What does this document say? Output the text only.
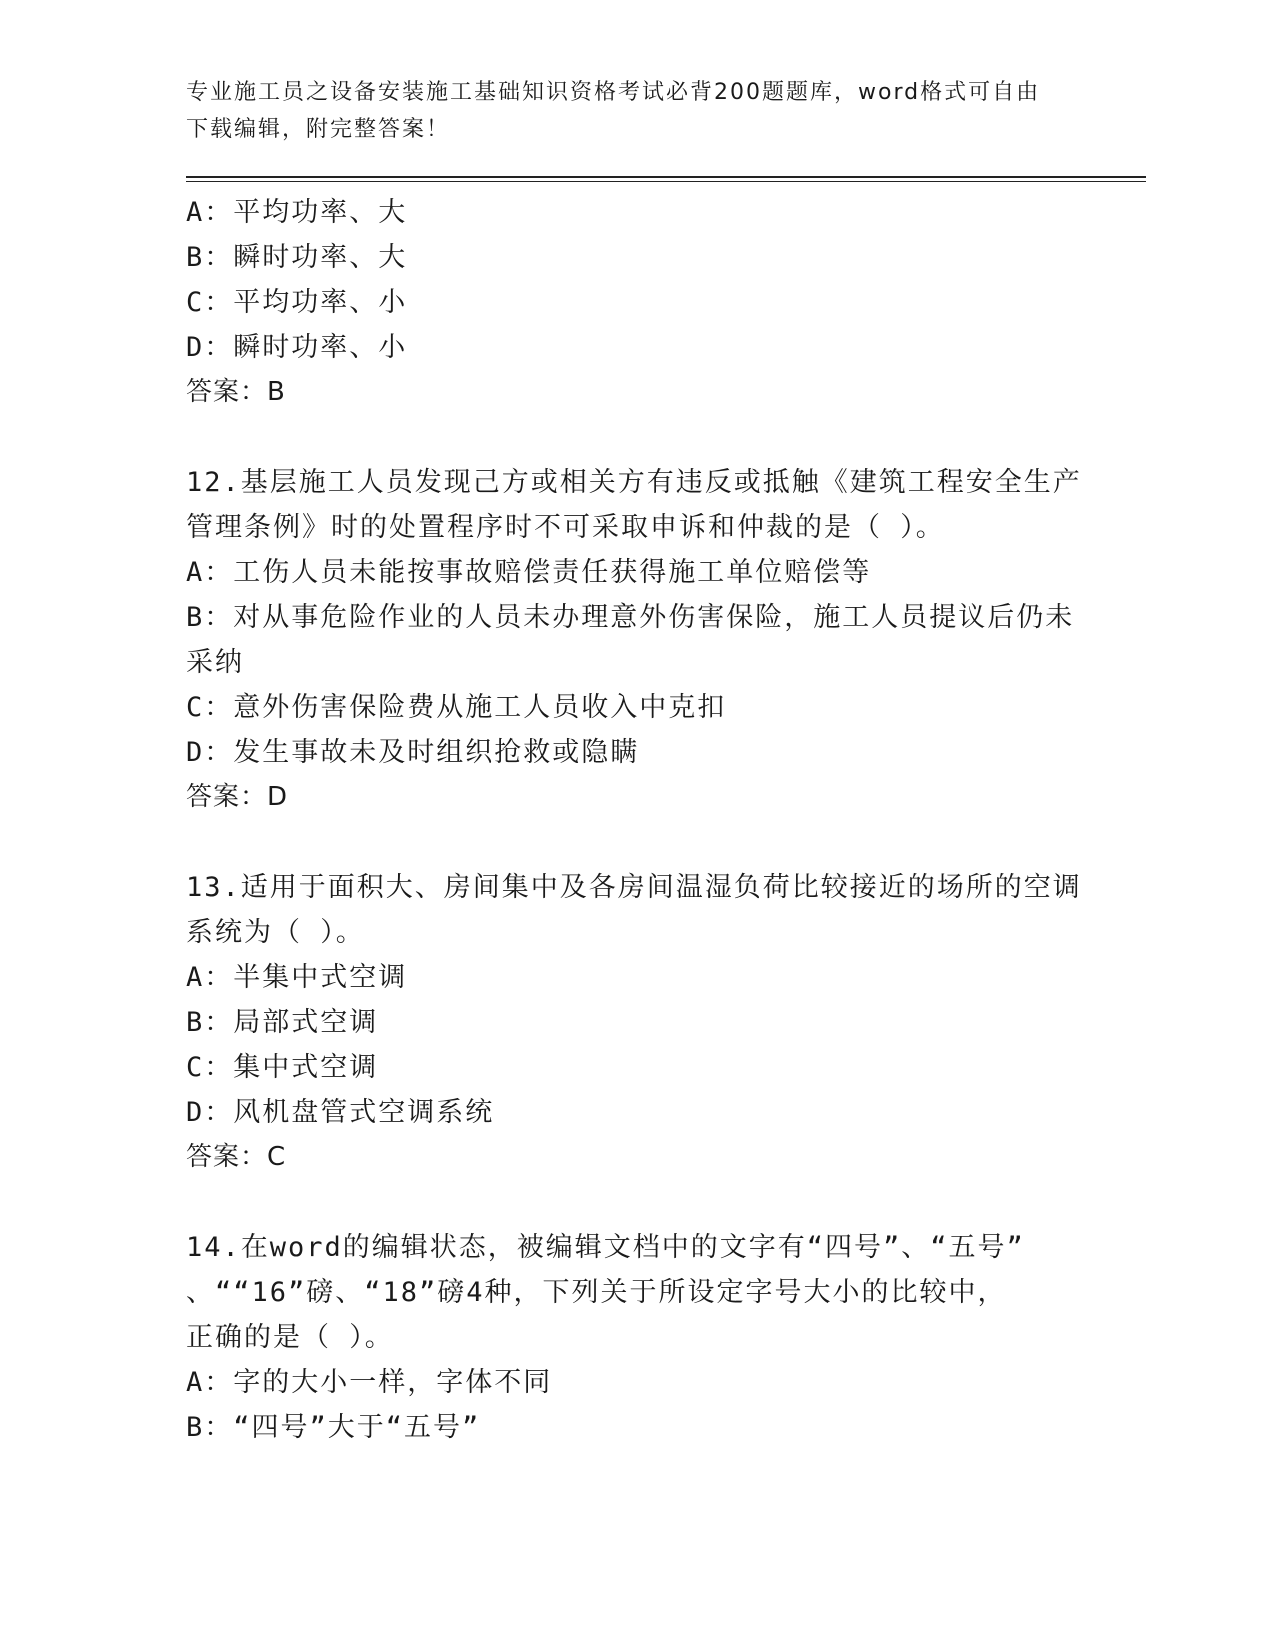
专业施工员之设备安装施工基础知识资格考试必背200题题库，word格式可自由
下载编辑，附完整答案！
A：平均功率、大
B：瞬时功率、大
C：平均功率、小
D：瞬时功率、小
答案：B
12.基层施工人员发现己方或相关方有违反或抵触《建筑工程安全生产
管理条例》时的处置程序时不可采取申诉和仲裁的是（ ）。
A：工伤人员未能按事故赔偿责任获得施工单位赔偿等
B：对从事危险作业的人员未办理意外伤害保险，施工人员提议后仍未
采纳
C：意外伤害保险费从施工人员收入中克扣
D：发生事故未及时组织抢救或隐瞒
答案：D
13.适用于面积大、房间集中及各房间温湿负荷比较接近的场所的空调
系统为（ ）。
A：半集中式空调
B：局部式空调
C：集中式空调
D：风机盘管式空调系统
答案：C
14.在word的编辑状态，被编辑文档中的文字有“四号”、“五号”
、““16”磅、“18”磅4种，下列关于所设定字号大小的比较中，
正确的是（ ）。
A：字的大小一样，字体不同
B：“四号”大于“五号”
